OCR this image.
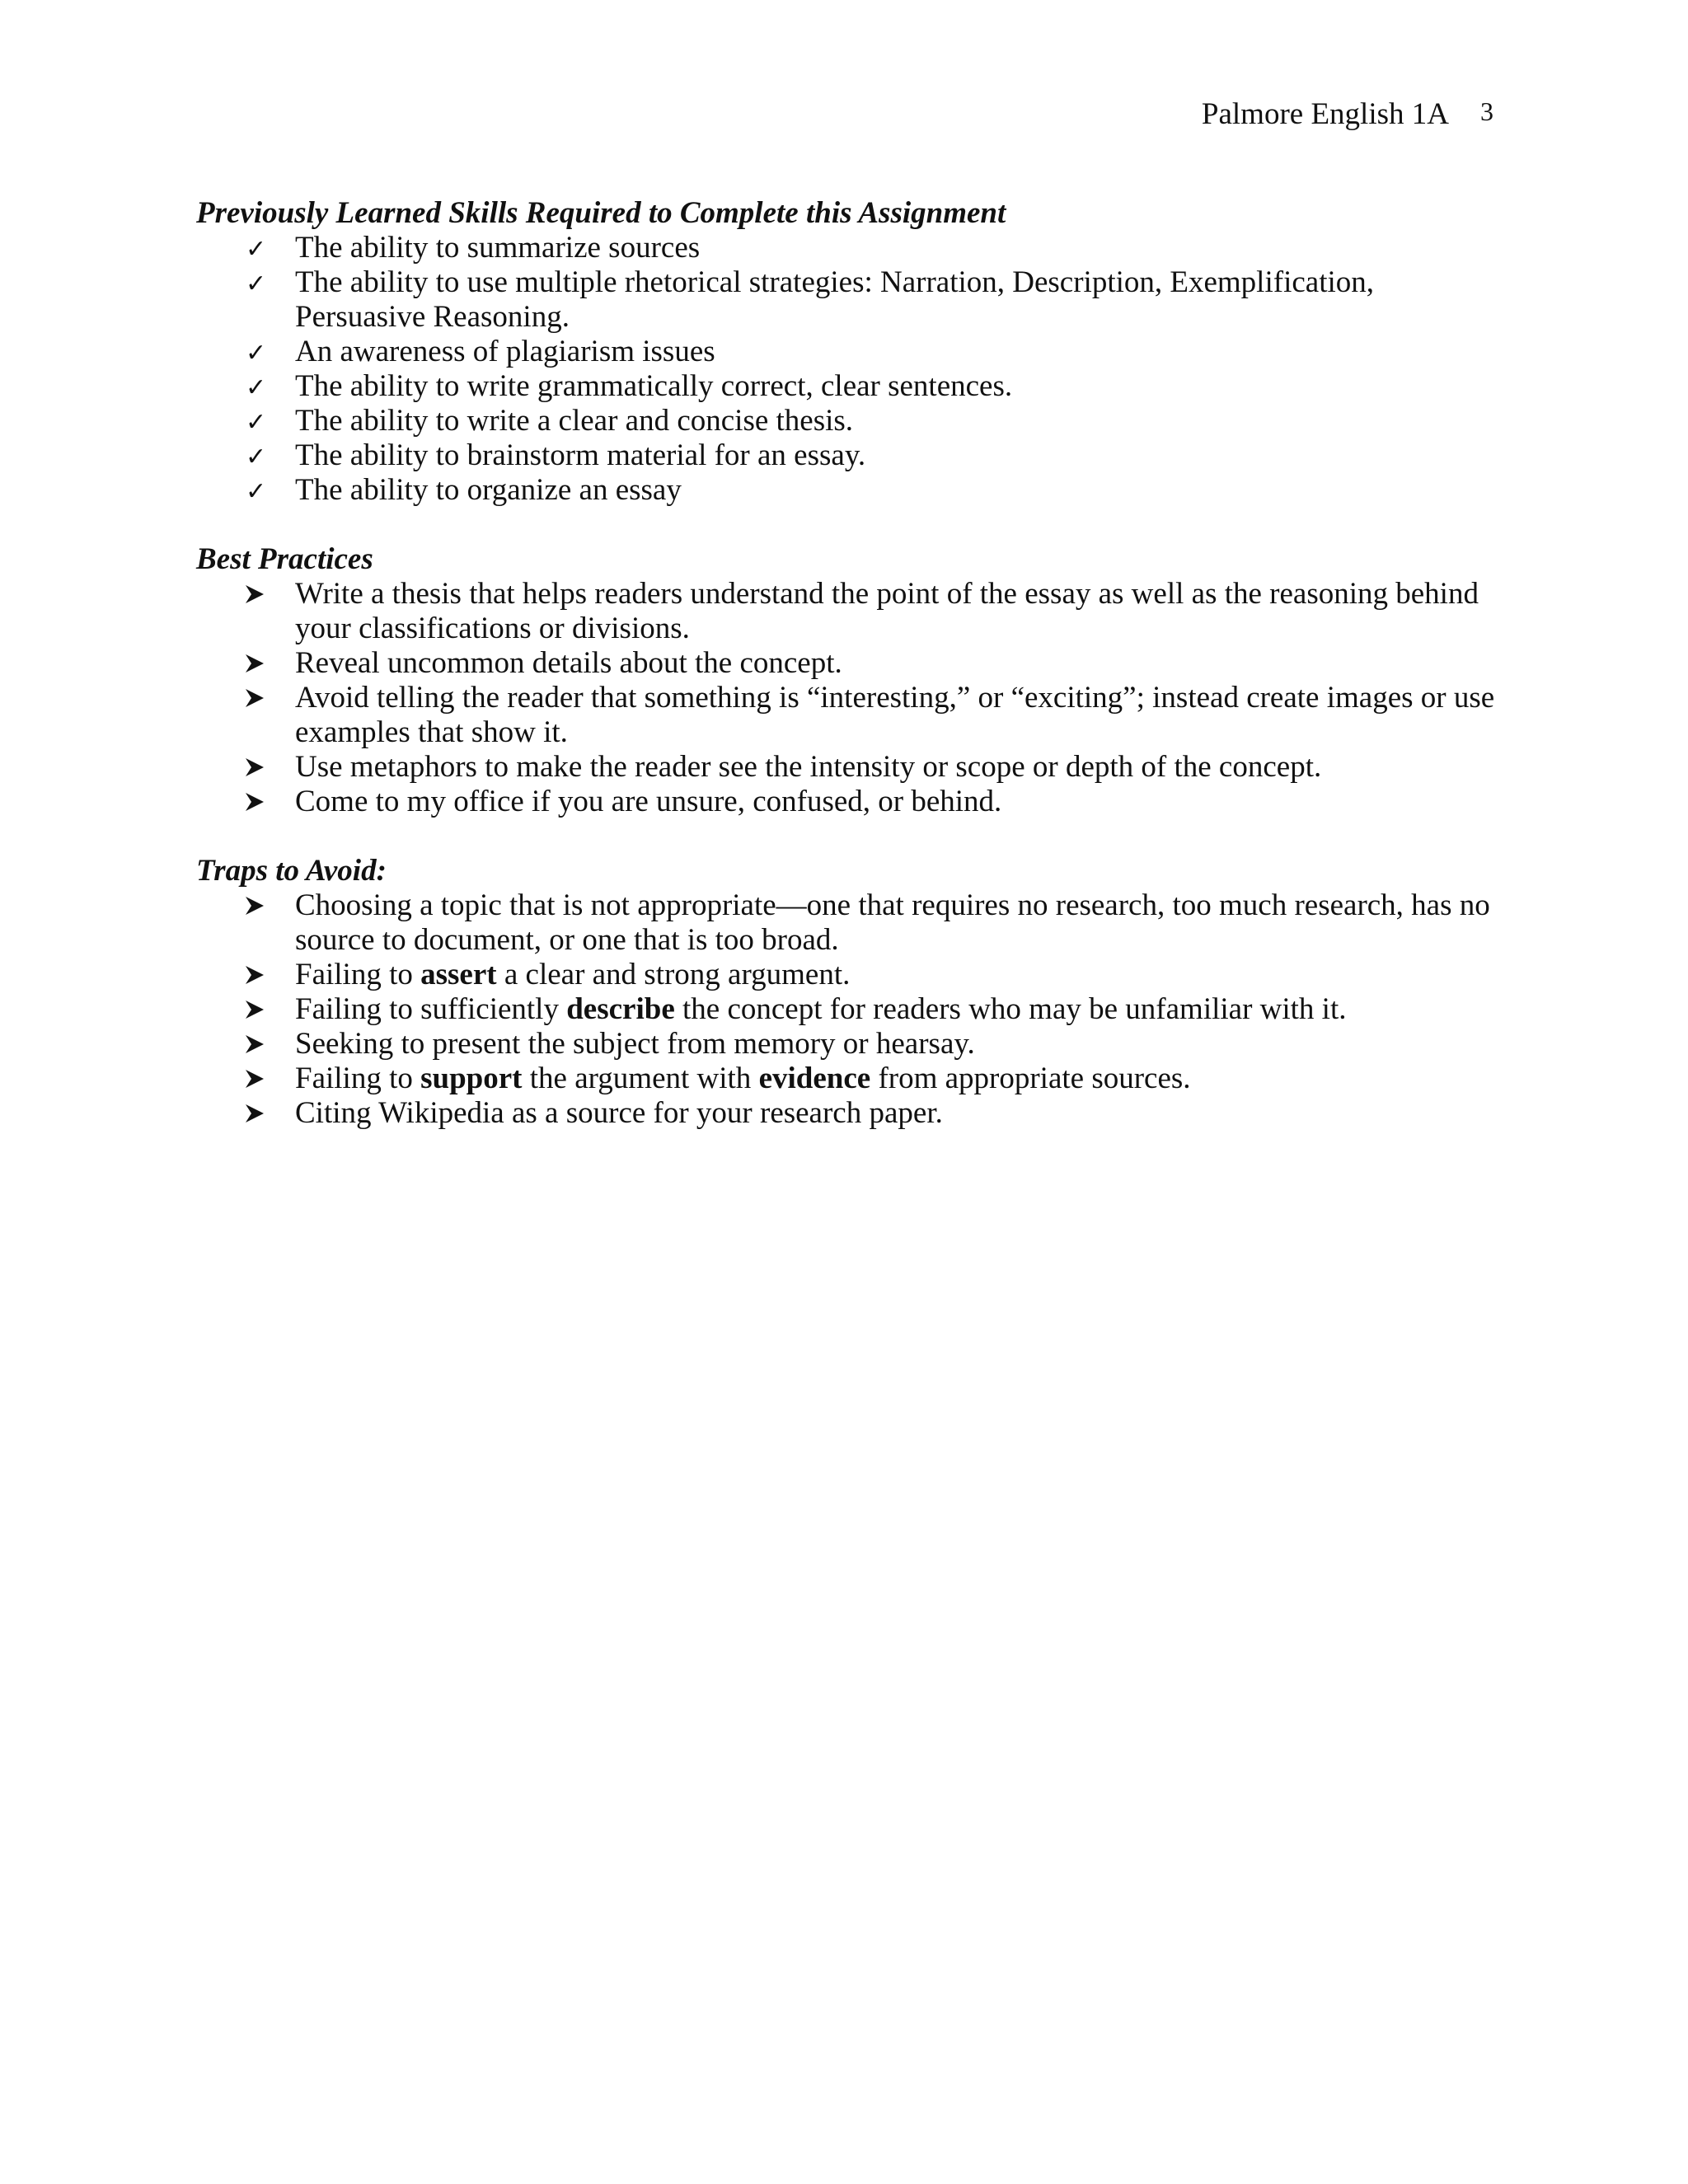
Palmore English 1A 3

Previously Learned Skills Required to Complete this Assignment

✓ The ability to summarize sources
✓ The ability to use multiple rhetorical strategies: Narration, Description, Exemplification, Persuasive Reasoning.
✓ An awareness of plagiarism issues
✓ The ability to write grammatically correct, clear sentences.
✓ The ability to write a clear and concise thesis.
✓ The ability to brainstorm material for an essay.
✓ The ability to organize an essay

Best Practices

Write a thesis that helps readers understand the point of the essay as well as the reasoning behind your classifications or divisions.
Reveal uncommon details about the concept.
Avoid telling the reader that something is “interesting,” or “exciting”; instead create images or use examples that show it.
Use metaphors to make the reader see the intensity or scope or depth of the concept.
Come to my office if you are unsure, confused, or behind.

Traps to Avoid:

Choosing a topic that is not appropriate—one that requires no research, too much research, has no source to document, or one that is too broad.
Failing to assert a clear and strong argument.
Failing to sufficiently describe the concept for readers who may be unfamiliar with it.
Seeking to present the subject from memory or hearsay.
Failing to support the argument with evidence from appropriate sources.
Citing Wikipedia as a source for your research paper.
